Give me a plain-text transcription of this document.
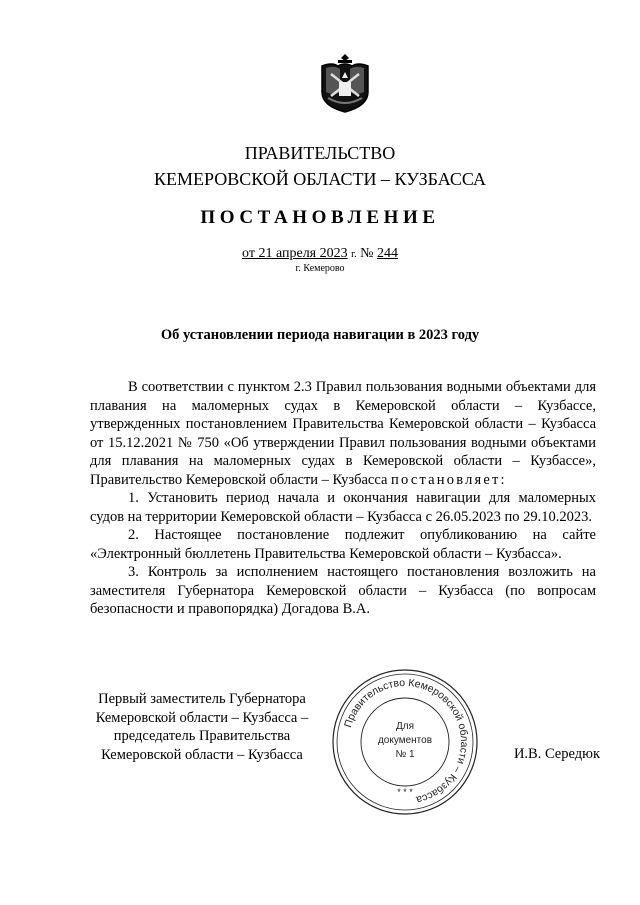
ПРАВИТЕЛЬСТВО
КЕМЕРОВСКОЙ ОБЛАСТИ – КУЗБАССА
ПОСТАНОВЛЕНИЕ
от 21 апреля 2023 г. № 244
г. Кемерово
Об установлении периода навигации в 2023 году

В соответствии с пунктом 2.3 Правил пользования водными объектами для плавания на маломерных судах в Кемеровской области – Кузбассе, утвержденных постановлением Правительства Кемеровской области – Кузбасса от 15.12.2021 № 750 «Об утверждении Правил пользования водными объектами для плавания на маломерных судах в Кемеровской области – Кузбассе», Правительство Кемеровской области – Кузбасса постановляет:

1. Установить период начала и окончания навигации для маломерных судов на территории Кемеровской области – Кузбасса с 26.05.2023 по 29.10.2023.

2. Настоящее постановление подлежит опубликованию на сайте «Электронный бюллетень Правительства Кемеровской области – Кузбасса».

3. Контроль за исполнением настоящего постановления возложить на заместителя Губернатора Кемеровской области – Кузбасса (по вопросам безопасности и правопорядка) Догадова В.А.

Первый заместитель Губернатора
Кемеровской области – Кузбасса –
председатель Правительства
Кемеровской области – Кузбасса
Правительство Кемеровской области – Кузбасса
* * *
Для
документов
№ 1	И.В. Середюк
